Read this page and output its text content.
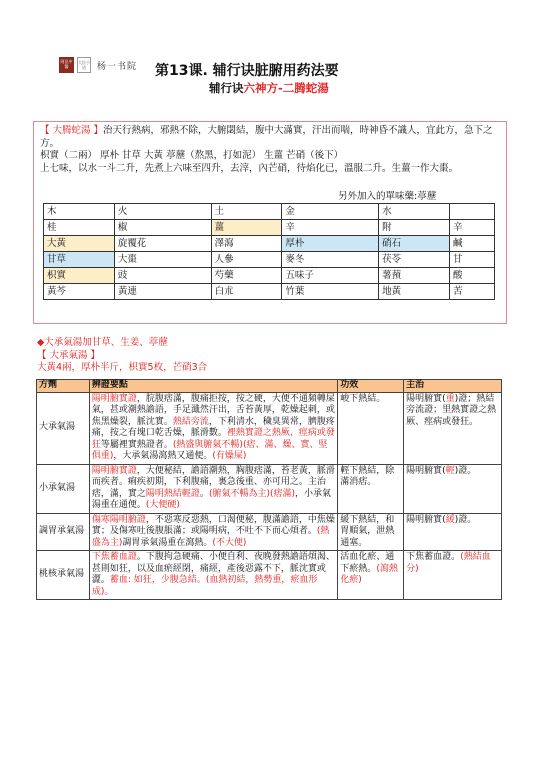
阿昆中醫
大医小道	杨一书院 第13课. 辅行诀脏腑用药法要
辅行诀六神方-二腾蛇湯

【 大腾蛇湯 】治天行熱病，邪熱不除，大腑閟結，腹中大滿實，汗出而喘，時神昏不識人，宜此方，急下之方。

枳實（二兩） 厚朴 甘草 大黃 葶藶（熬黑，打如泥） 生薑 芒硝（後下）

上七味，以水一斗二升，先煮上六味至四升，去滓，內芒硝，待焰化已，溫服二升。生薑一作大棗。

另外加入的單味藥:葶藶
木	火	土	金	水	
桂	椒	薑	辛	附	辛
大黃	旋覆花	澤瀉	厚朴	硝石	鹹
甘草	大棗	人參	麥冬	茯苓	甘
枳實	豉	芍藥	五味子	薯蕷	酸
黃芩	黃連	白朮	竹葉	地黃	苦
◆大承氣湯加甘草、生姜、葶藶
【 大承氣湯 】
大黃4兩，厚朴半斤，枳實5枚，芒硝3合
方劑	辨證要點	功效	主治
大承氣湯	陽明腑實證，脘腹痞滿，腹痛拒按，按之硬，大便不通頻轉屎氣，甚或潮熱譫語，手足濈然汗出，舌苔黃厚，乾燥起刺，或焦黑燥裂，脈沈實。熱結旁流，下利清水，穢臭異常，臍腹疼痛，按之有塊口乾舌燥，脈滑數。裡熱實證之熱厥，痙病或發狂等屬裡實熱證者。(熱盛與腑氣不暢)(痞、滿、燥、實、堅俱重)，大承氣湯瀉熱又通便。(有燥屎)	峻下熱結。	陽明腑實(重)證；熱結旁流證；里熱實證之熱厥、痙病或發狂。
小承氣湯	陽明腑實證，大便秘結，譫語潮熱，胸腹痞滿，苔老黃，脈滑而疾者。痢疾初期，下利腹痛，裏急後重、亦可用之。主治痞，滿，實之陽明熱結輕證。(腑氣不暢為主)(痞滿)，小承氣湯重在通便。(大便硬)	輕下熱結，除滿消痞。	陽明腑實(輕)證。
調胃承氣湯	傷寒陽明腑證，不惡寒反惡熱，口渴便秘，腹滿譫語，中焦燥實；及傷寒吐後腹脹滿；或陽明病，不吐不下而心煩者。(熱盛為主)調胃承氣湯重在瀉熱。(不大便)	緩下熱結，和胃順氣，泄熱通塞。	陽明腑實(緩)證。
桃核承氣湯	下焦蓄血證。下腹拘急硬痛、小便自利、夜晚發熱譫語煩渴、甚則如狂，以及血瘀經閉，痛經，產後惡露不下，脈沈實或澀。蓄血: 如狂，少腹急結。(血熱初結，熱勢重，瘀血形成)。	活血化瘀、通下瘀熱。(瀉熱化瘀)	下焦蓄血證。(熱結血分)
